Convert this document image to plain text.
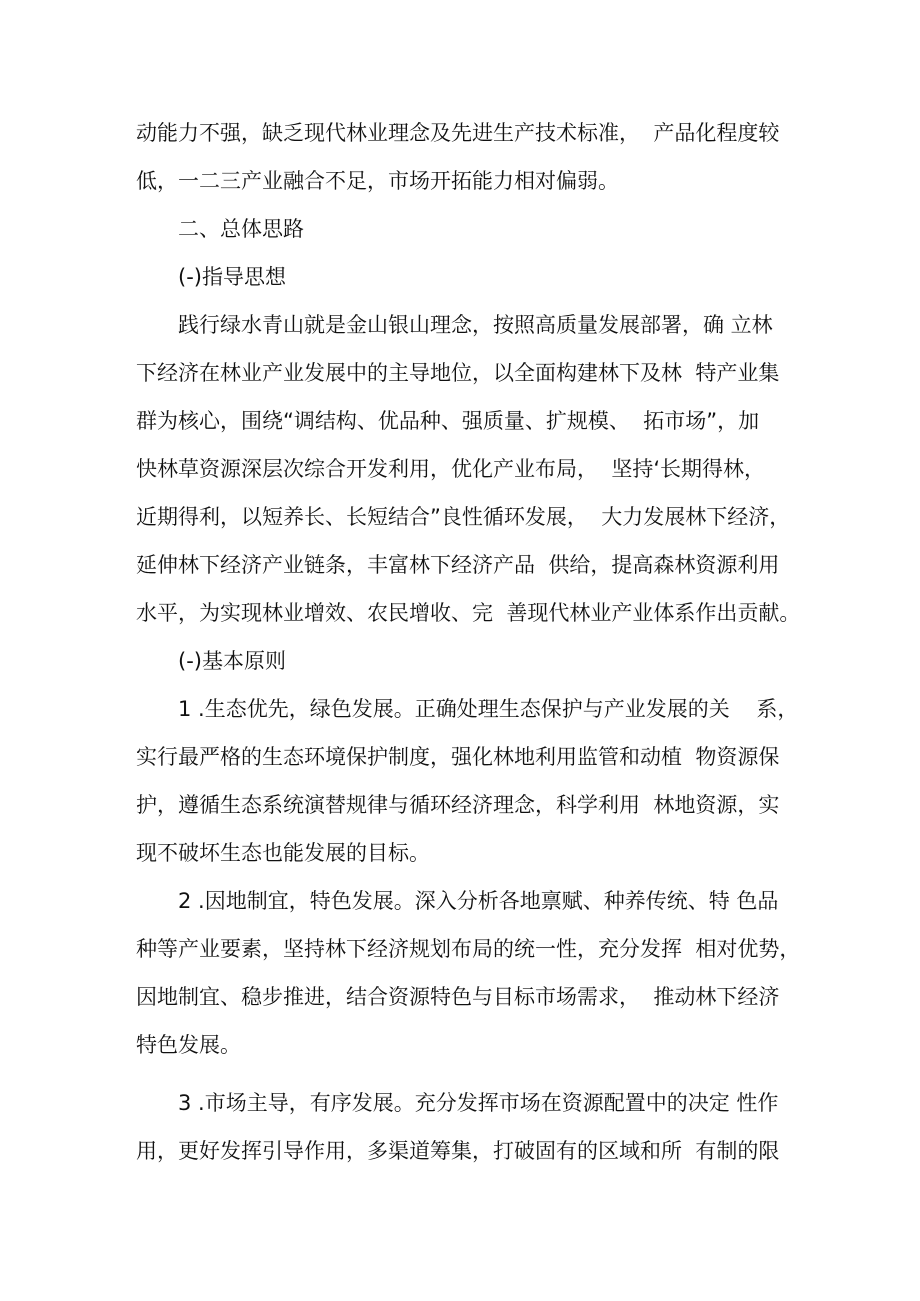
动能力不强，缺乏现代林业理念及先进生产技术标准，  产品化程度较
低，一二三产业融合不足，市场开拓能力相对偏弱。
二、总体思路
(-)指导思想
践行绿水青山就是金山银山理念，按照高质量发展部署，确 立林
下经济在林业产业发展中的主导地位，以全面构建林下及林  特产业集
群为核心，围绕“调结构、优品种、强质量、扩规模、  拓市场”，加
快林草资源深层次综合开发利用，优化产业布局，  坚持‘长期得林，
近期得利，以短养长、长短结合”良性循环发展，  大力发展林下经济，
延伸林下经济产业链条，丰富林下经济产品  供给，提高森林资源利用
水平，为实现林业增效、农民增收、完  善现代林业产业体系作出贡献。
(-)基本原则
1 .生态优先，绿色发展。正确处理生态保护与产业发展的关    系，
实行最严格的生态环境保护制度，强化林地利用监管和动植  物资源保
护，遵循生态系统演替规律与循环经济理念，科学利用  林地资源，实
现不破坏生态也能发展的目标。
2 .因地制宜，特色发展。深入分析各地禀赋、种养传统、特 色品
种等产业要素，坚持林下经济规划布局的统一性，充分发挥  相对优势，
因地制宜、稳步推进，结合资源特色与目标市场需求，  推动林下经济
特色发展。
3 .市场主导，有序发展。充分发挥市场在资源配置中的决定 性作
用，更好发挥引导作用，多渠道筹集，打破固有的区域和所  有制的限
